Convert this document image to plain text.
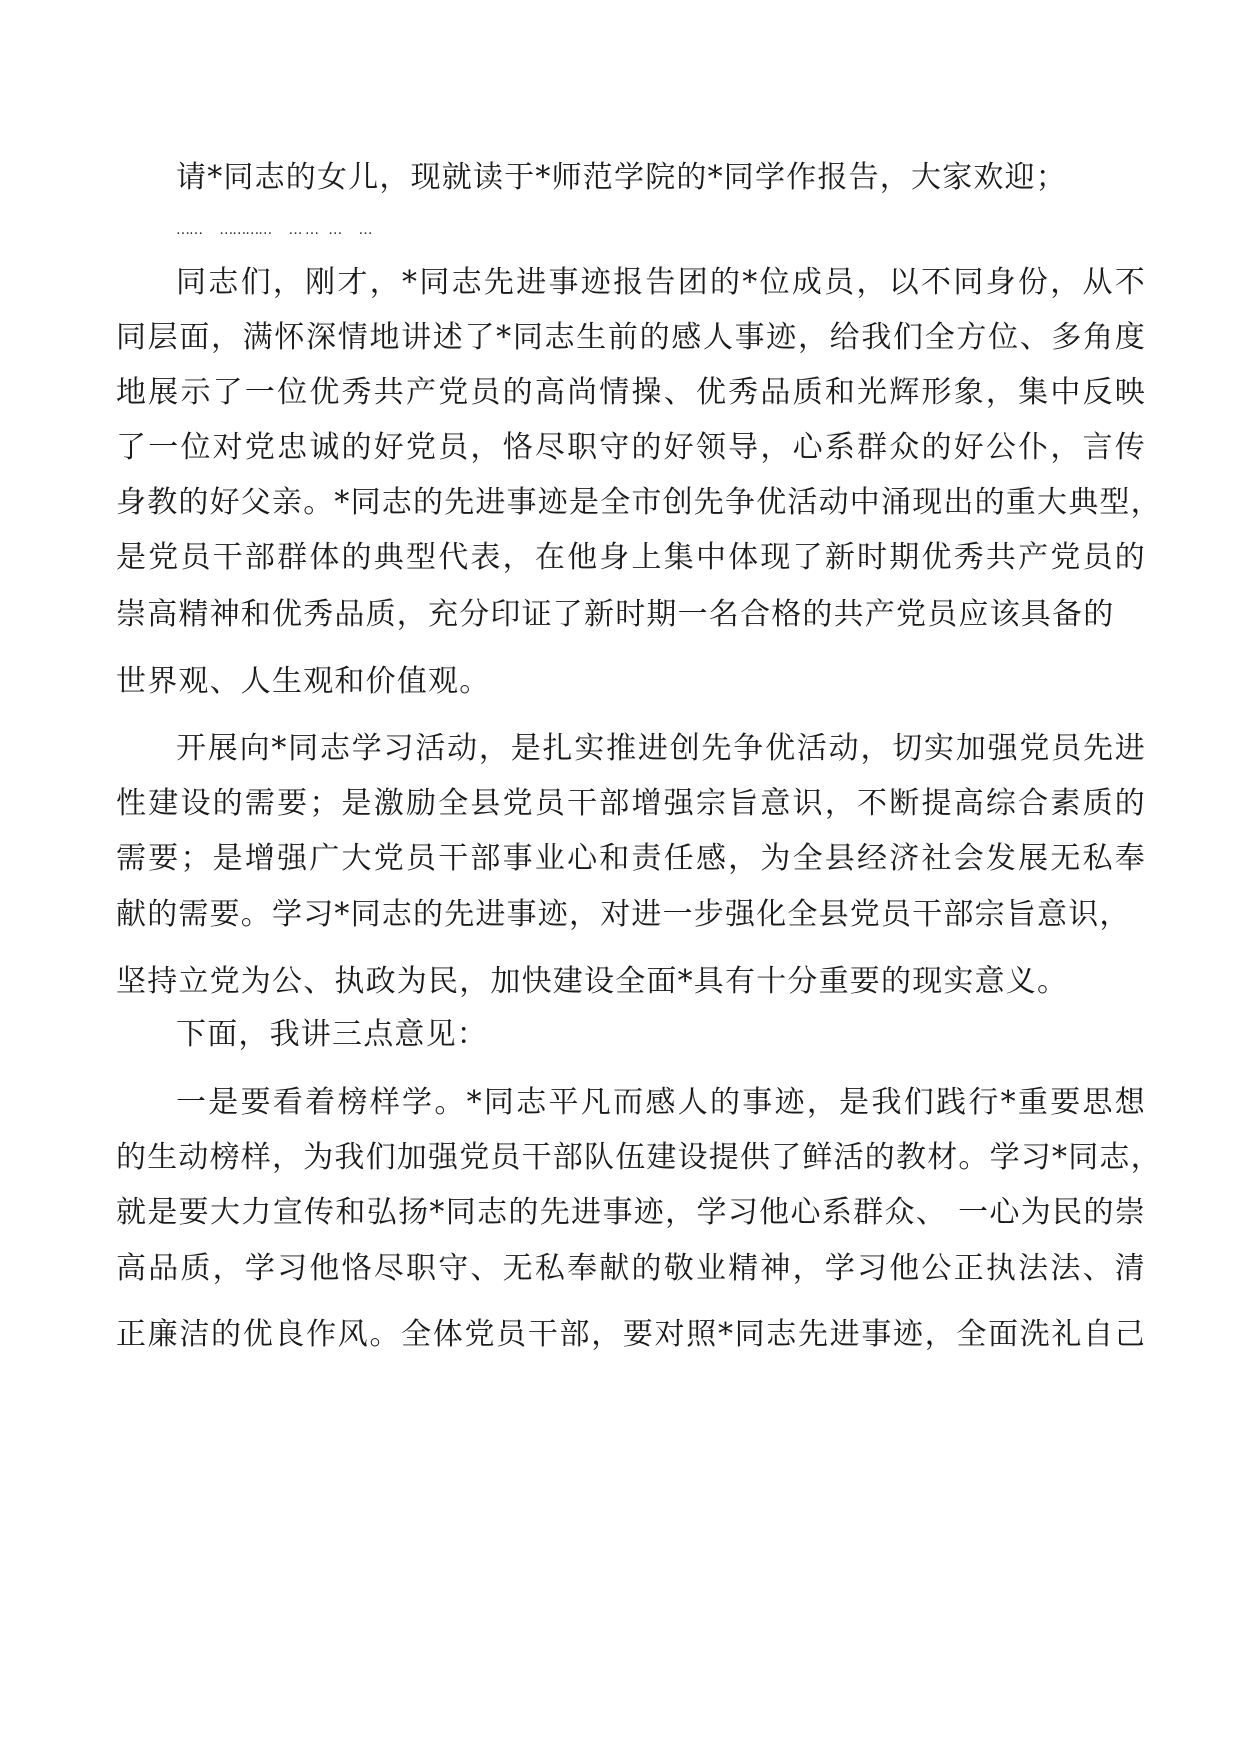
请*同志的女儿，现就读于*师范学院的*同学作报告，大家欢迎；
……     …………     … …   …     …
同志们，刚才，*同志先进事迹报告团的*位成员，以不同身份，从不
同层面，满怀深情地讲述了*同志生前的感人事迹，给我们全方位、多角度
地展示了一位优秀共产党员的高尚情操、优秀品质和光辉形象，集中反映
了一位对党忠诚的好党员，恪尽职守的好领导，心系群众的好公仆，言传
身教的好父亲。*同志的先进事迹是全市创先争优活动中涌现出的重大典型，
是党员干部群体的典型代表，在他身上集中体现了新时期优秀共产党员的
崇高精神和优秀品质，充分印证了新时期一名合格的共产党员应该具备的
世界观、人生观和价值观。
开展向*同志学习活动，是扎实推进创先争优活动，切实加强党员先进
性建设的需要；是激励全县党员干部增强宗旨意识，不断提高综合素质的
需要；是增强广大党员干部事业心和责任感，为全县经济社会发展无私奉
献的需要。学习*同志的先进事迹，对进一步强化全县党员干部宗旨意识，
坚持立党为公、执政为民，加快建设全面*具有十分重要的现实意义。
下面，我讲三点意见：
一是要看着榜样学。*同志平凡而感人的事迹，是我们践行*重要思想
的生动榜样，为我们加强党员干部队伍建设提供了鲜活的教材。学习*同志，
就是要大力宣传和弘扬*同志的先进事迹，学习他心系群众、 一心为民的崇
高品质，学习他恪尽职守、无私奉献的敬业精神，学习他公正执法法、清
正廉洁的优良作风。全体党员干部，要对照*同志先进事迹，全面洗礼自己
